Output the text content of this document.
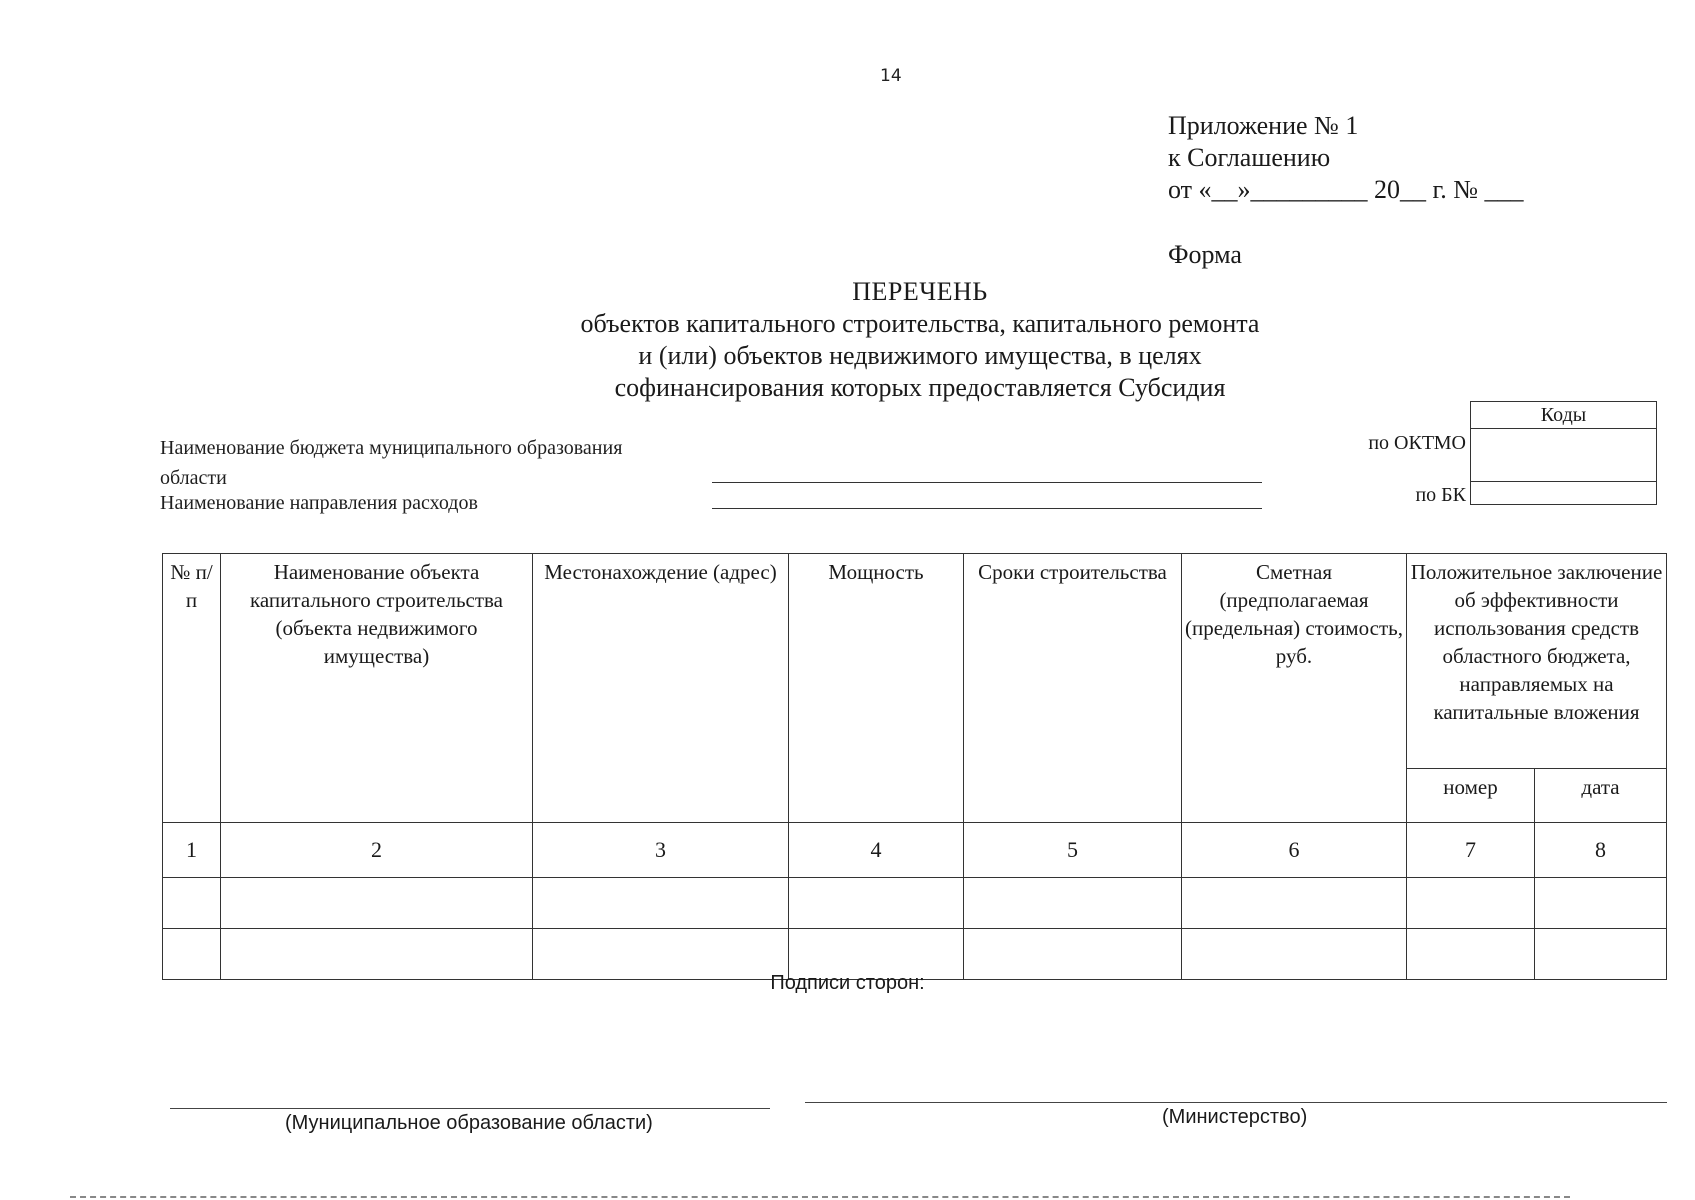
14
Приложение № 1
к Соглашению
от «__»_________ 20__ г. № ___
Форма
ПЕРЕЧЕНЬ
объектов капитального строительства, капитального ремонта
и (или) объектов недвижимого имущества, в целях
софинансирования которых предоставляется Субсидия
Наименование бюджета муниципального образования
области
Наименование направления расходов
Коды
по ОКТМО
по БК
№ п/п	Наименование объекта капитального строительства (объекта недвижимого имущества)	Местонахождение (адрес)	Мощность	Сроки строительства	Сметная (предполагаемая (предельная) стоимость, руб.	Положительное заключение об эффективности использования средств областного бюджета, направляемых на капитальные вложения	
						номер	дата
1	2	3	4	5	6	7	8

Подписи сторон:
(Муниципальное образование области)	(Министерство)
